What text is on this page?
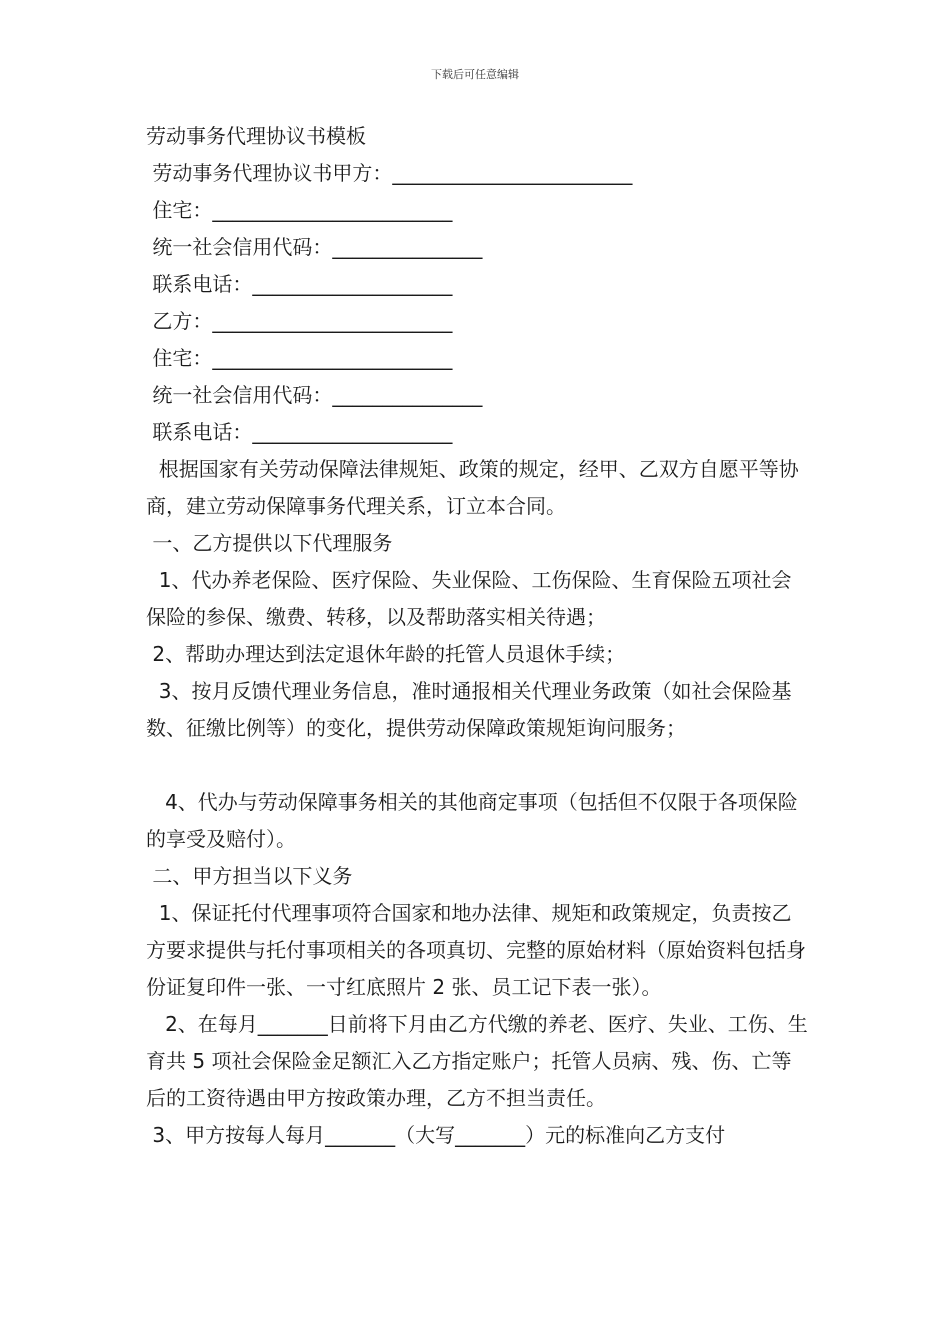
下载后可任意编辑

劳动事务代理协议书模板

劳动事务代理协议书甲方：________________________

住宅：________________________

统一社会信用代码：_______________

联系电话：____________________

乙方：________________________

住宅：________________________

统一社会信用代码：_______________

联系电话：____________________

根据国家有关劳动保障法律规矩、政策的规定，经甲、乙双方自愿平等协商，建立劳动保障事务代理关系，订立本合同。

一、乙方提供以下代理服务

1、代办养老保险、医疗保险、失业保险、工伤保险、生育保险五项社会保险的参保、缴费、转移，以及帮助落实相关待遇；

2、帮助办理达到法定退休年龄的托管人员退休手续；

3、按月反馈代理业务信息，准时通报相关代理业务政策（如社会保险基数、征缴比例等）的变化，提供劳动保障政策规矩询问服务；

4、代办与劳动保障事务相关的其他商定事项（包括但不仅限于各项保险的享受及赔付）。

二、甲方担当以下义务

1、保证托付代理事项符合国家和地办法律、规矩和政策规定，负责按乙方要求提供与托付事项相关的各项真切、完整的原始材料（原始资料包括身份证复印件一张、一寸红底照片 2 张、员工记下表一张）。

2、在每月_______日前将下月由乙方代缴的养老、医疗、失业、工伤、生育共 5 项社会保险金足额汇入乙方指定账户；托管人员病、残、伤、亡等后的工资待遇由甲方按政策办理，乙方不担当责任。

3、甲方按每人每月_______（大写_______）元的标准向乙方支付
